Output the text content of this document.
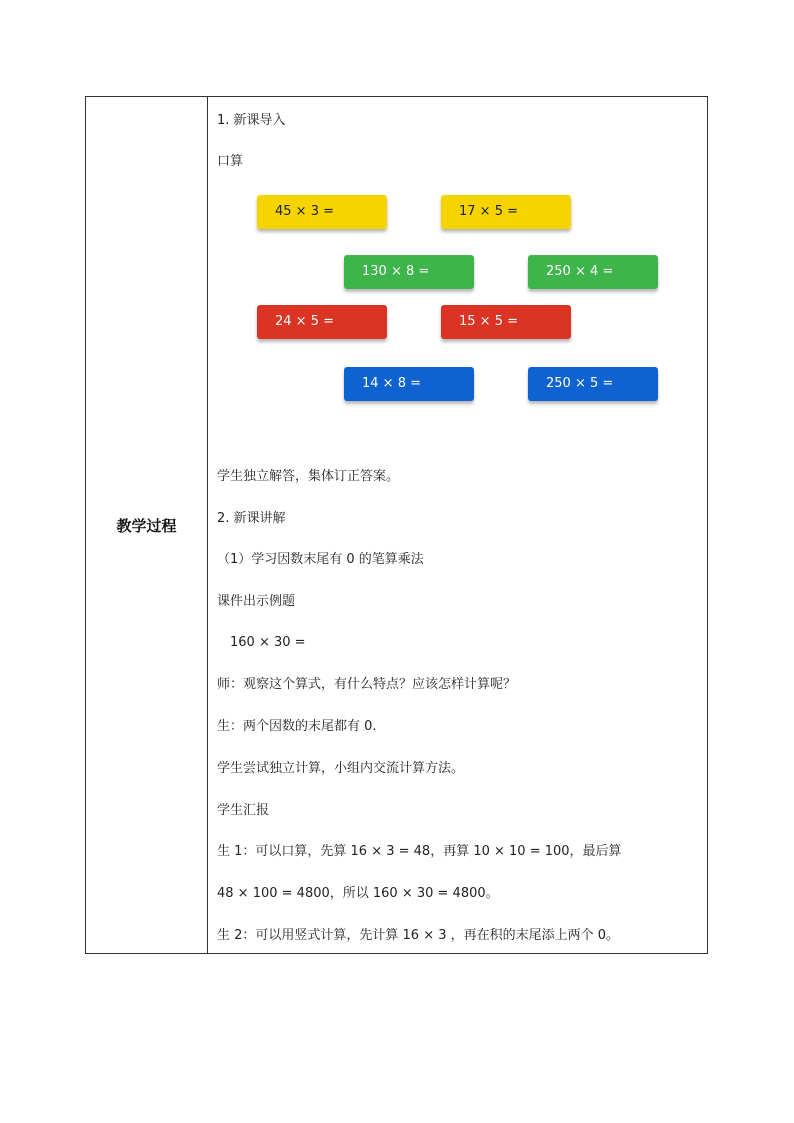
教学过程
1. 新课导入
口算
45 × 3 =	17 × 5 =
130 × 8 =	250 × 4 =
24 × 5 =	15 × 5 =
14 × 8 =	250 × 5 =
学生独立解答，集体订正答案。
2. 新课讲解
（1）学习因数末尾有 0 的笔算乘法
课件出示例题
160 × 30 =
师：观察这个算式，有什么特点？应该怎样计算呢？
生：两个因数的末尾都有 0.
学生尝试独立计算，小组内交流计算方法。
学生汇报
生 1：可以口算，先算 16 × 3 = 48，再算 10 × 10 = 100，最后算
48 × 100 = 4800，所以 160 × 30 = 4800。
生 2：可以用竖式计算，先计算 16 × 3 ，再在积的末尾添上两个 0。
